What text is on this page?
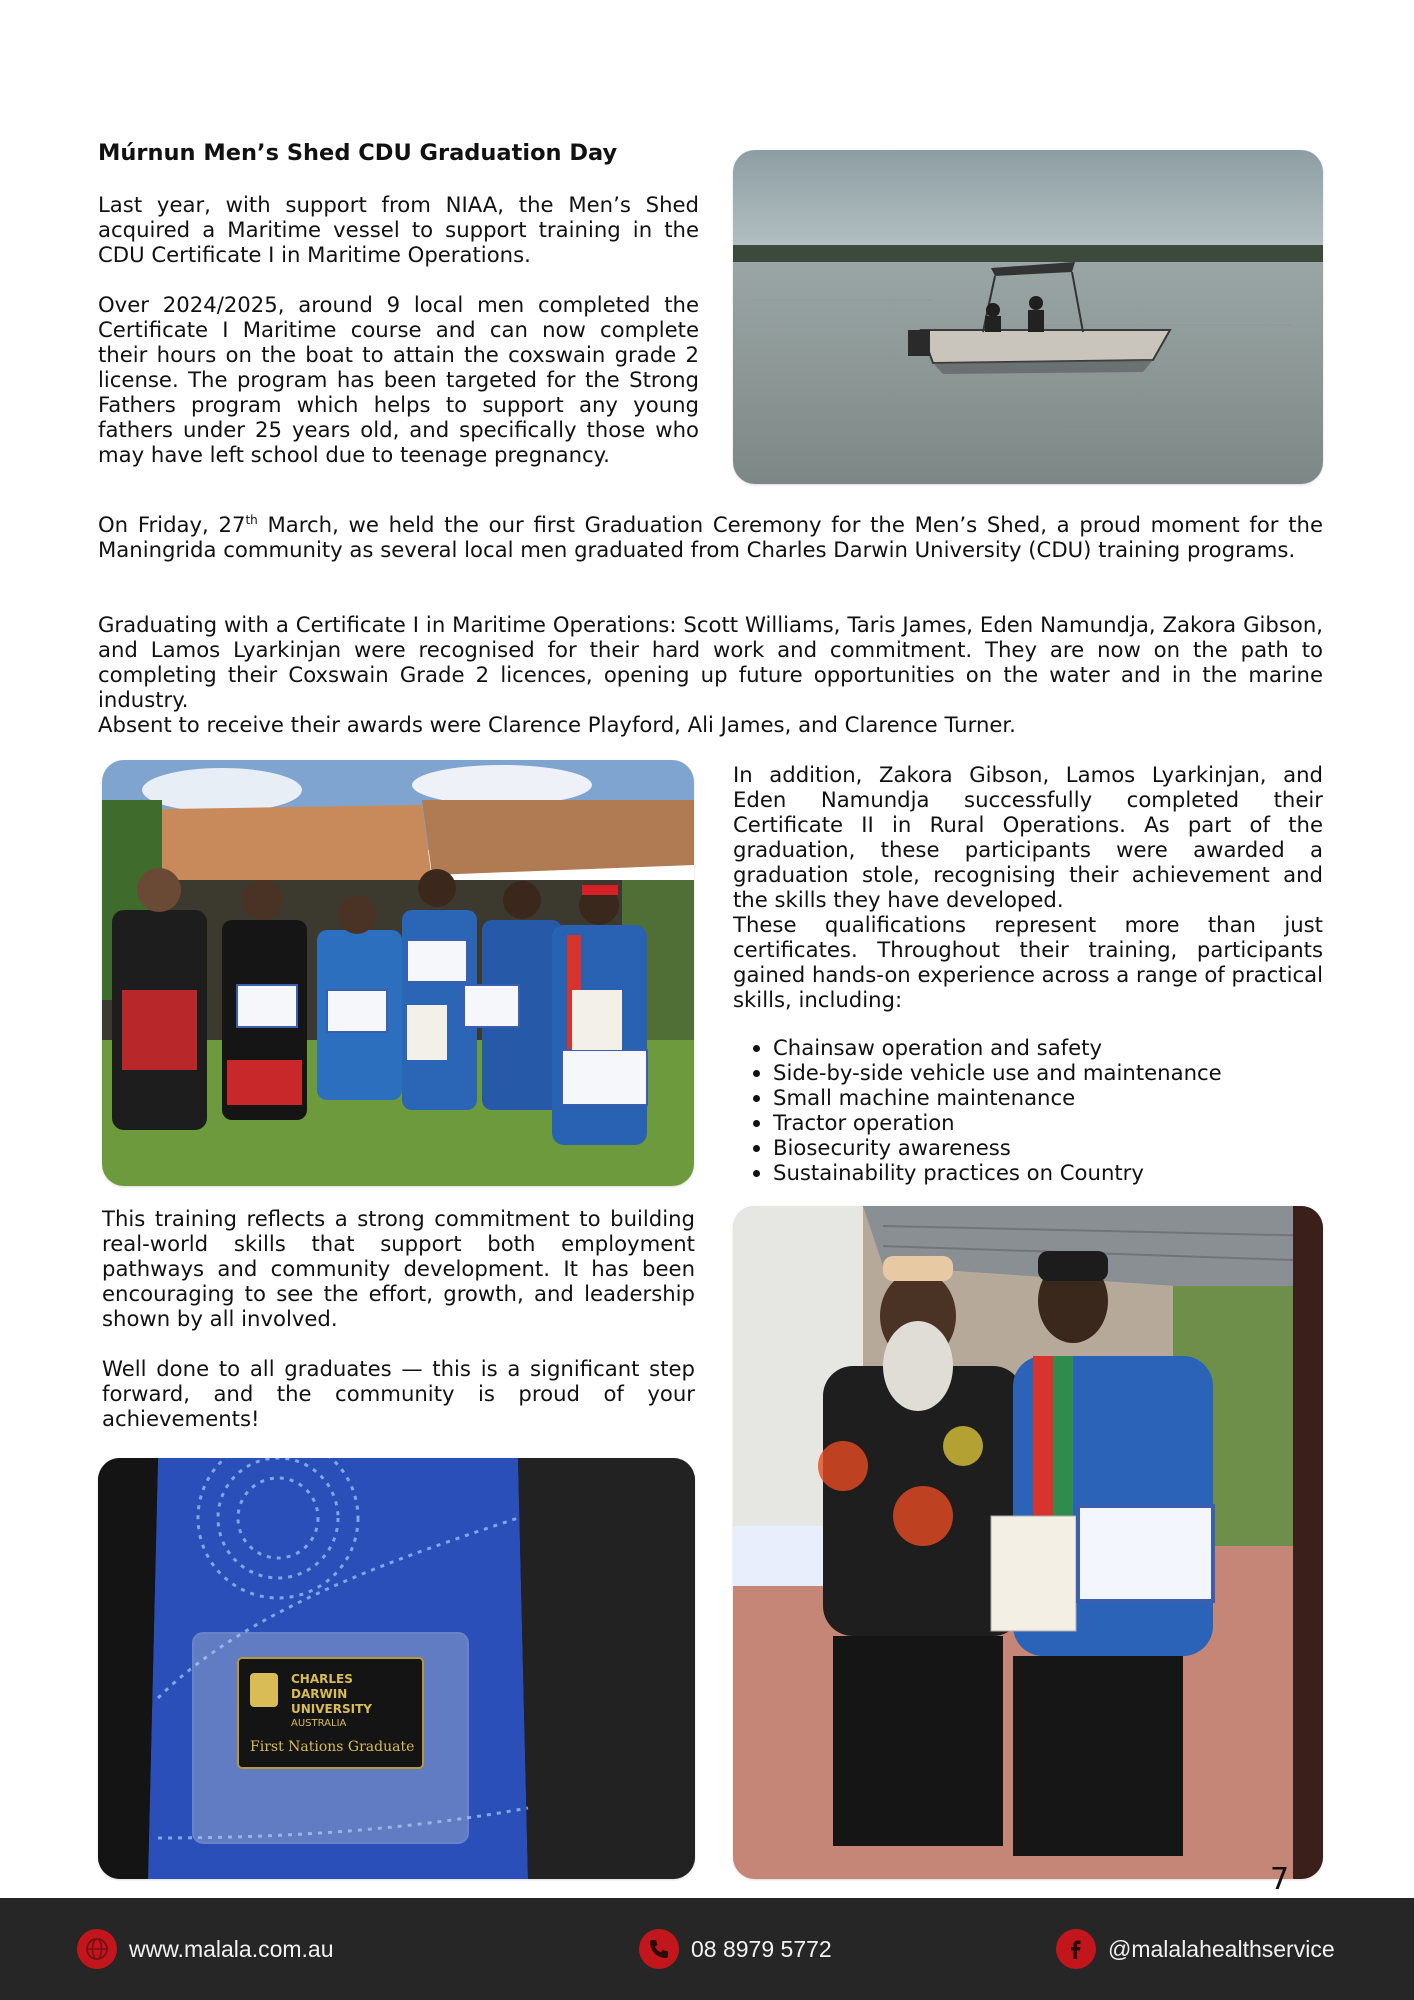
Múrnun Men’s Shed CDU Graduation Day

Last year, with support from NIAA, the Men’s Shed acquired a Maritime vessel to support training in the CDU Certificate I in Maritime Operations.

Over 2024/2025, around 9 local men completed the Certificate I Maritime course and can now complete their hours on the boat to attain the coxswain grade 2 license. The program has been targeted for the Strong Fathers program which helps to support any young fathers under 25 years old, and specifically those who may have left school due to teenage pregnancy.

On Friday, 27th March, we held the our first Graduation Ceremony for the Men’s Shed, a proud moment for the Maningrida community as several local men graduated from Charles Darwin University (CDU) training programs.

Graduating with a Certificate I in Maritime Operations: Scott Williams, Taris James, Eden Namundja, Zakora Gibson, and Lamos Lyarkinjan were recognised for their hard work and commitment. They are now on the path to completing their Coxswain Grade 2 licences, opening up future opportunities on the water and in the marine industry.

Absent to receive their awards were Clarence Playford, Ali James, and Clarence Turner.

In addition, Zakora Gibson, Lamos Lyarkinjan, and Eden Namundja successfully completed their Certificate II in Rural Operations. As part of the graduation, these participants were awarded a graduation stole, recognising their achievement and the skills they have developed.

These qualifications represent more than just certificates. Throughout their training, participants gained hands-on experience across a range of practical skills, including:

• Chainsaw operation and safety
• Side-by-side vehicle use and maintenance
• Small machine maintenance
• Tractor operation
• Biosecurity awareness
• Sustainability practices on Country

This training reflects a strong commitment to building real-world skills that support both employment pathways and community development. It has been encouraging to see the effort, growth, and leadership shown by all involved.

Well done to all graduates — this is a significant step forward, and the community is proud of your achievements!

CHARLES
DARWIN
UNIVERSITY
AUSTRALIA
First Nations Graduate
7
www.malala.com.au	08 8979 5772	@malalahealthservice
